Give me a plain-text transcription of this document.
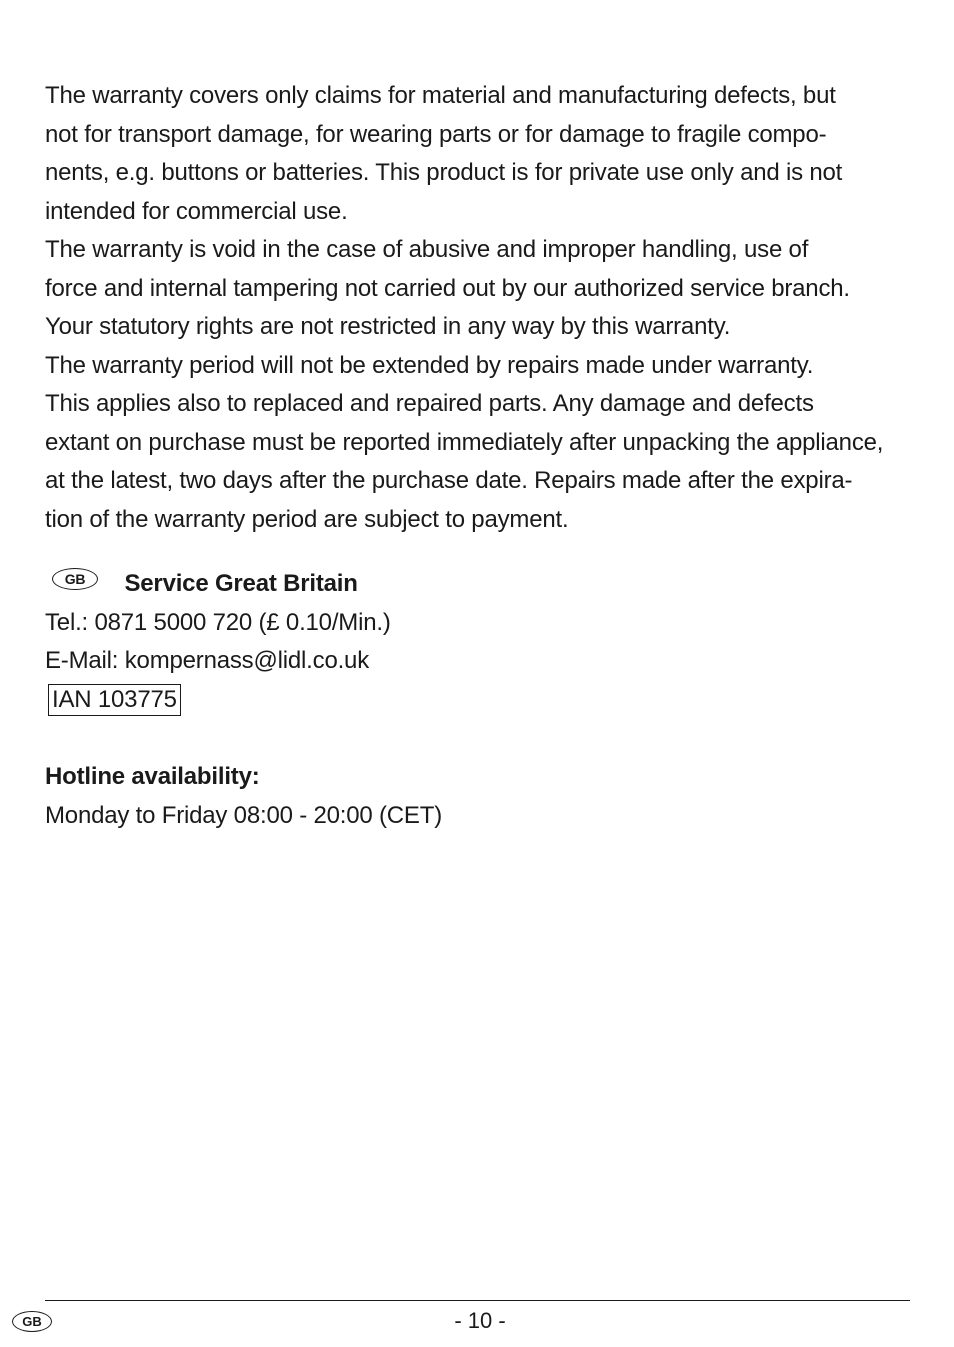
The warranty covers only claims for material and manufacturing defects, but
not for transport damage, for wearing parts or for damage to fragile compo-
nents, e.g. buttons or batteries. This product is for private use only and is not
intended for commercial use.
The warranty is void in the case of abusive and improper handling, use of
force and internal tampering not carried out by our authorized service branch.
Your statutory rights are not restricted in any way by this warranty.
The warranty period will not be extended by repairs made under warranty.
This applies also to replaced and repaired parts. Any damage and defects
extant on purchase must be reported immediately after unpacking the appliance,
at the latest, two days after the purchase date. Repairs made after the expira-
tion of the warranty period are subject to payment.
GB Service Great Britain
Tel.: 0871 5000 720 (£ 0.10/Min.)
E-Mail: kompernass@lidl.co.uk
IAN 103775
Hotline availability:
Monday to Friday 08:00 - 20:00 (CET)
GB	- 10 -
